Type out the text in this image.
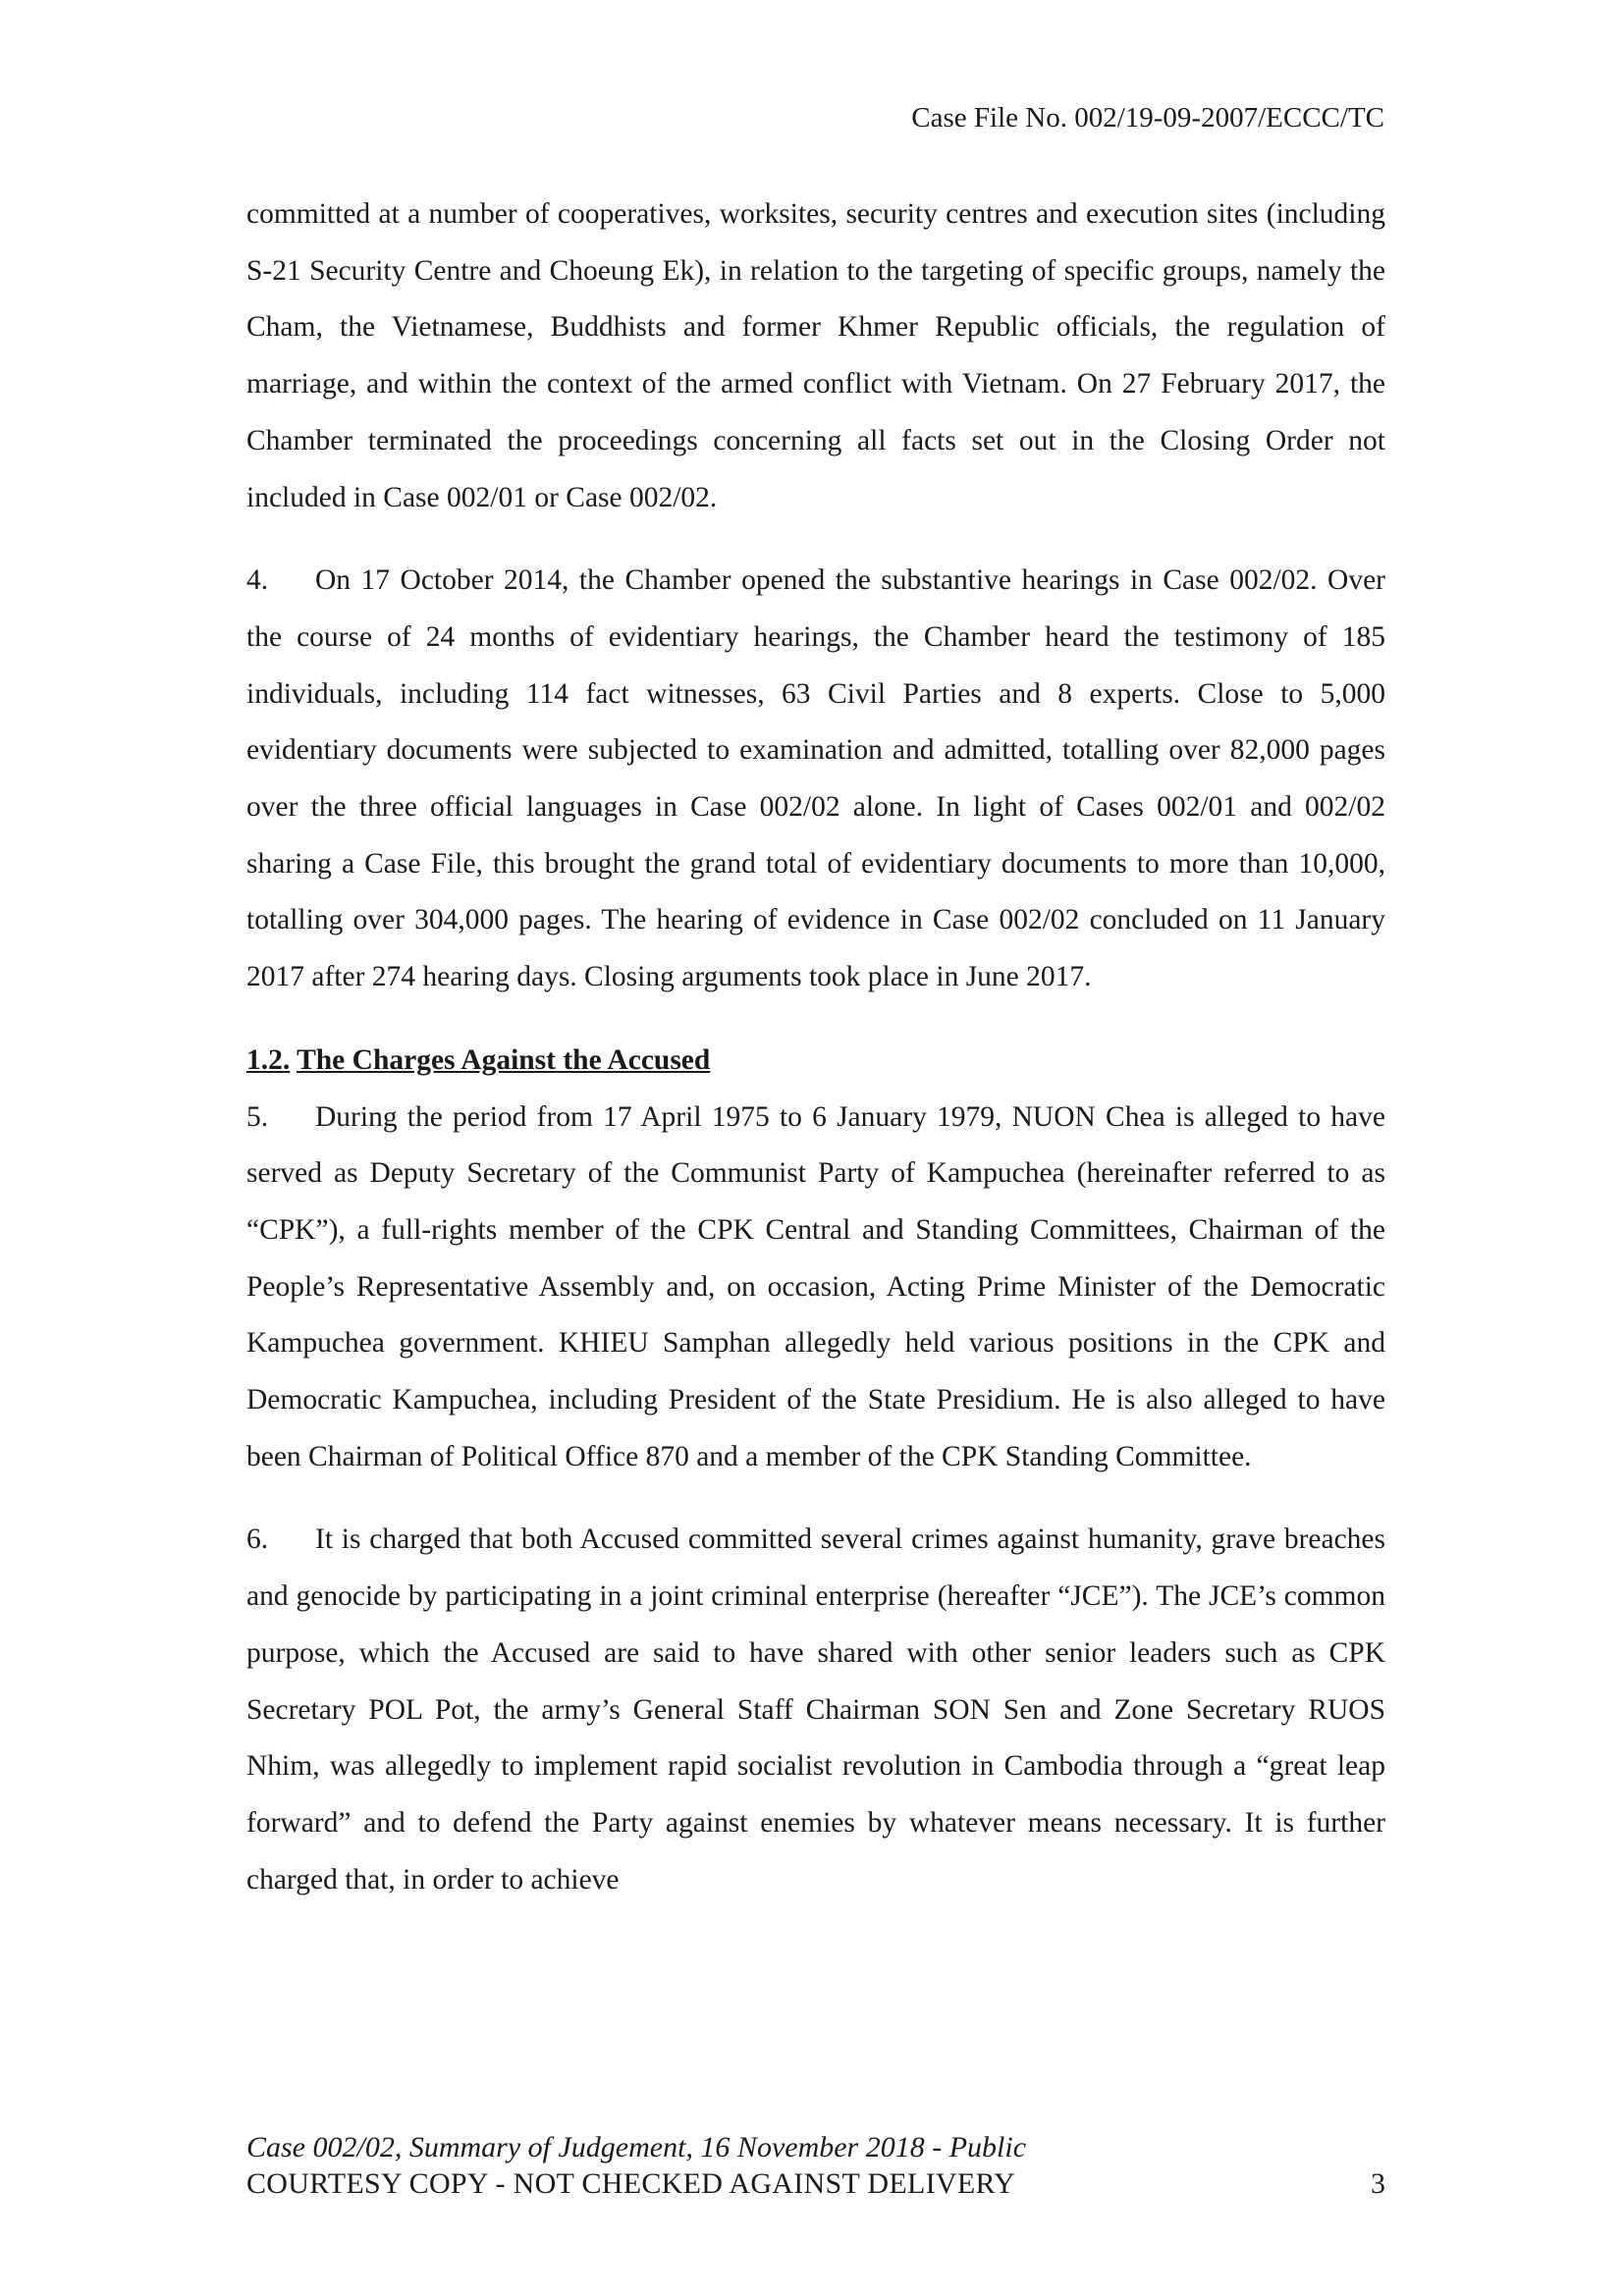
Case File No. 002/19-09-2007/ECCC/TC

committed at a number of cooperatives, worksites, security centres and execution sites (including S-21 Security Centre and Choeung Ek), in relation to the targeting of specific groups, namely the Cham, the Vietnamese, Buddhists and former Khmer Republic officials, the regulation of marriage, and within the context of the armed conflict with Vietnam. On 27 February 2017, the Chamber terminated the proceedings concerning all facts set out in the Closing Order not included in Case 002/01 or Case 002/02.

4. On 17 October 2014, the Chamber opened the substantive hearings in Case 002/02. Over the course of 24 months of evidentiary hearings, the Chamber heard the testimony of 185 individuals, including 114 fact witnesses, 63 Civil Parties and 8 experts. Close to 5,000 evidentiary documents were subjected to examination and admitted, totalling over 82,000 pages over the three official languages in Case 002/02 alone. In light of Cases 002/01 and 002/02 sharing a Case File, this brought the grand total of evidentiary documents to more than 10,000, totalling over 304,000 pages. The hearing of evidence in Case 002/02 concluded on 11 January 2017 after 274 hearing days. Closing arguments took place in June 2017.

1.2. The Charges Against the Accused

5. During the period from 17 April 1975 to 6 January 1979, NUON Chea is alleged to have served as Deputy Secretary of the Communist Party of Kampuchea (hereinafter referred to as “CPK”), a full-rights member of the CPK Central and Standing Committees, Chairman of the People’s Representative Assembly and, on occasion, Acting Prime Minister of the Democratic Kampuchea government. KHIEU Samphan allegedly held various positions in the CPK and Democratic Kampuchea, including President of the State Presidium. He is also alleged to have been Chairman of Political Office 870 and a member of the CPK Standing Committee.

6. It is charged that both Accused committed several crimes against humanity, grave breaches and genocide by participating in a joint criminal enterprise (hereafter “JCE”). The JCE’s common purpose, which the Accused are said to have shared with other senior leaders such as CPK Secretary POL Pot, the army’s General Staff Chairman SON Sen and Zone Secretary RUOS Nhim, was allegedly to implement rapid socialist revolution in Cambodia through a “great leap forward” and to defend the Party against enemies by whatever means necessary. It is further charged that, in order to achieve

Case 002/02, Summary of Judgement, 16 November 2018 - Public
COURTESY COPY - NOT CHECKED AGAINST DELIVERY	3
